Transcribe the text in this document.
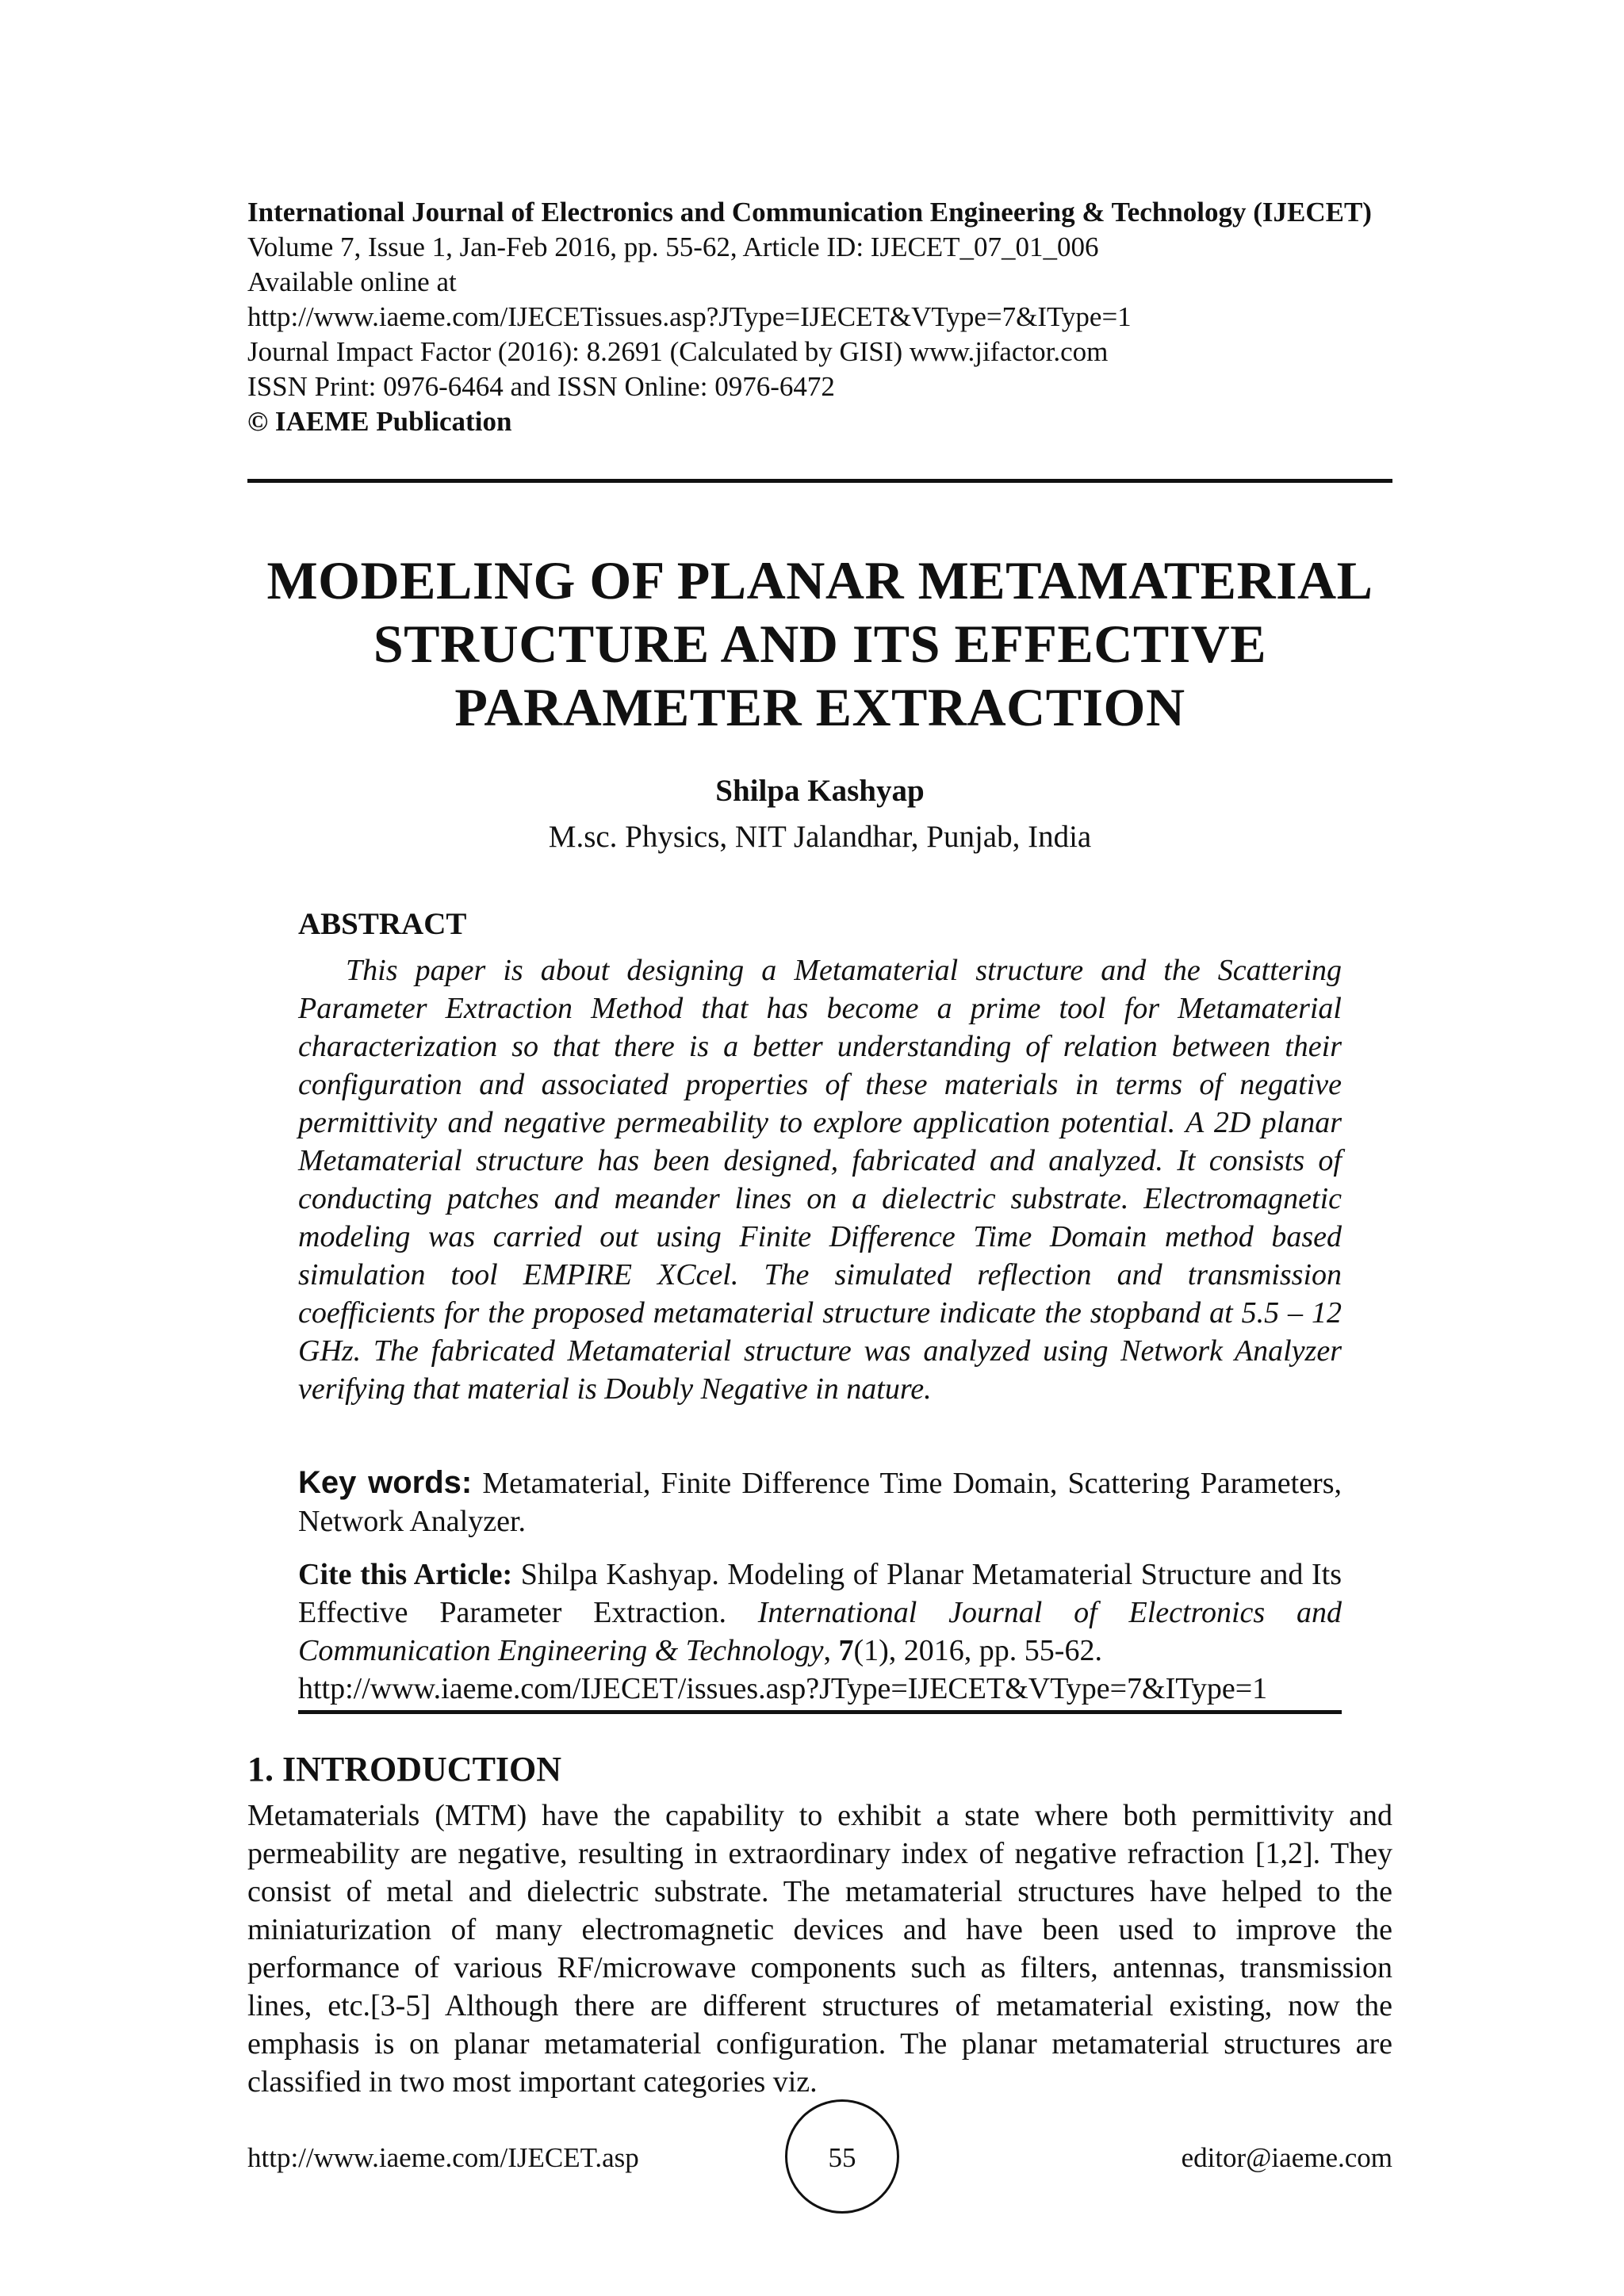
International Journal of Electronics and Communication Engineering & Technology (IJECET)
Volume 7, Issue 1, Jan-Feb 2016, pp. 55-62, Article ID: IJECET_07_01_006
Available online at
http://www.iaeme.com/IJECETissues.asp?JType=IJECET&VType=7&IType=1
Journal Impact Factor (2016): 8.2691 (Calculated by GISI) www.jifactor.com
ISSN Print: 0976-6464 and ISSN Online: 0976-6472
© IAEME Publication
MODELING OF PLANAR METAMATERIAL
STRUCTURE AND ITS EFFECTIVE
PARAMETER EXTRACTION
Shilpa Kashyap
M.sc. Physics, NIT Jalandhar, Punjab, India
ABSTRACT
This paper is about designing a Metamaterial structure and the Scattering Parameter Extraction Method that has become a prime tool for Metamaterial characterization so that there is a better understanding of relation between their configuration and associated properties of these materials in terms of negative permittivity and negative permeability to explore application potential. A 2D planar Metamaterial structure has been designed, fabricated and analyzed. It consists of conducting patches and meander lines on a dielectric substrate. Electromagnetic modeling was carried out using Finite Difference Time Domain method based simulation tool EMPIRE XCcel. The simulated reflection and transmission coefficients for the proposed metamaterial structure indicate the stopband at 5.5 – 12 GHz. The fabricated Metamaterial structure was analyzed using Network Analyzer verifying that material is Doubly Negative in nature.
Key words: Metamaterial, Finite Difference Time Domain, Scattering Parameters, Network Analyzer.
Cite this Article: Shilpa Kashyap. Modeling of Planar Metamaterial Structure and Its Effective Parameter Extraction. International Journal of Electronics and Communication Engineering & Technology, 7(1), 2016, pp. 55-62.
http://www.iaeme.com/IJECET/issues.asp?JType=IJECET&VType=7&IType=1
1. INTRODUCTION
Metamaterials (MTM) have the capability to exhibit a state where both permittivity and permeability are negative, resulting in extraordinary index of negative refraction [1,2]. They consist of metal and dielectric substrate. The metamaterial structures have helped to the miniaturization of many electromagnetic devices and have been used to improve the performance of various RF/microwave components such as filters, antennas, transmission lines, etc.[3-5] Although there are different structures of metamaterial existing, now the emphasis is on planar metamaterial configuration. The planar metamaterial structures are classified in two most important categories viz.
http://www.iaeme.com/IJECET.asp	55	editor@iaeme.com
